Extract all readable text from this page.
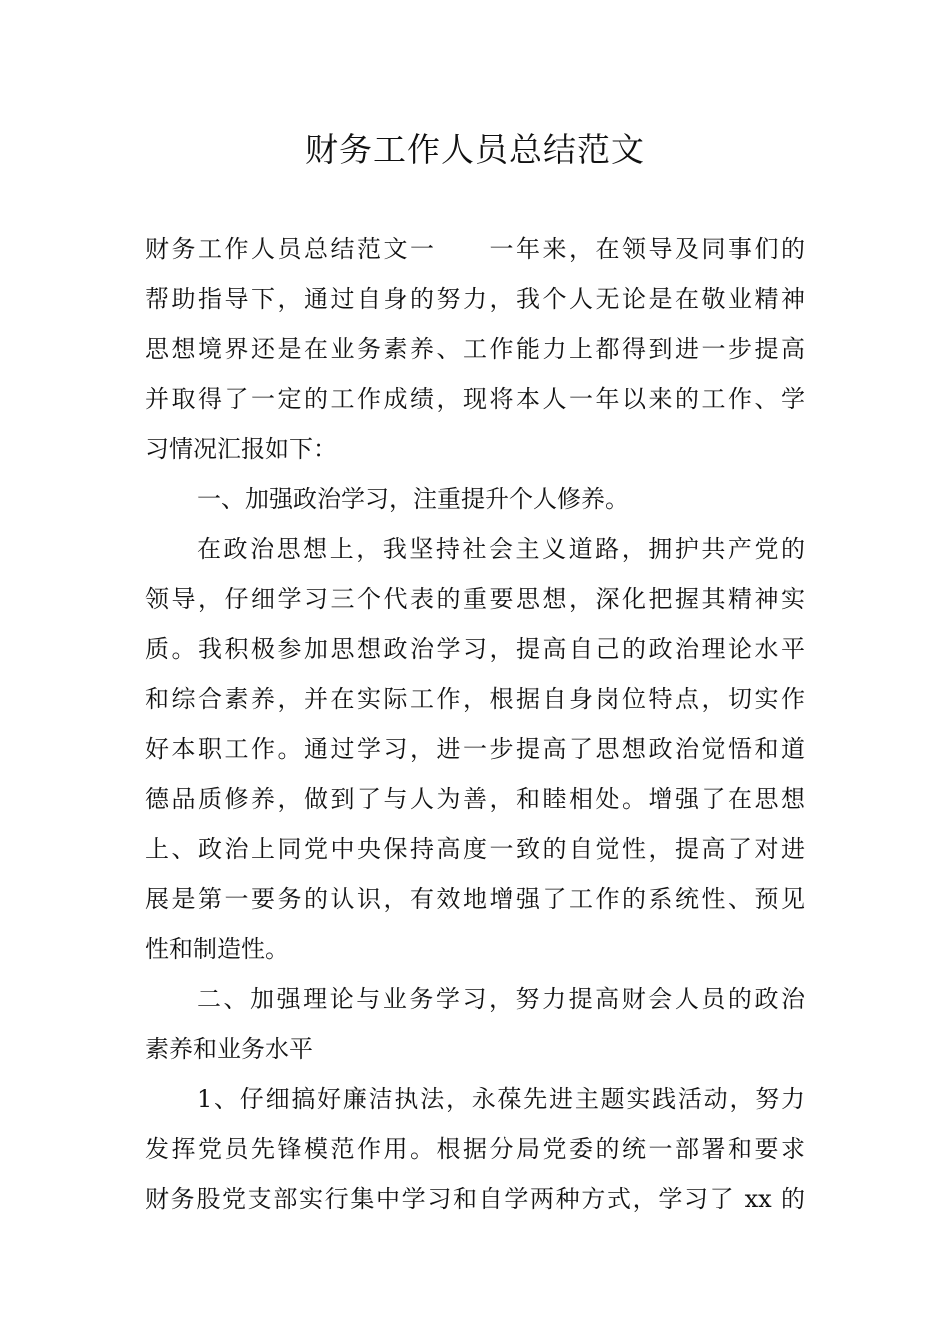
财务工作人员总结范文
财务工作人员总结范文一　　一年来，在领导及同事们的
帮助指导下，通过自身的努力，我个人无论是在敬业精神
思想境界还是在业务素养、工作能力上都得到进一步提高
并取得了一定的工作成绩，现将本人一年以来的工作、学
习情况汇报如下：
一、加强政治学习，注重提升个人修养。
在政治思想上，我坚持社会主义道路，拥护共产党的
领导，仔细学习三个代表的重要思想，深化把握其精神实
质。我积极参加思想政治学习，提高自己的政治理论水平
和综合素养，并在实际工作，根据自身岗位特点，切实作
好本职工作。通过学习，进一步提高了思想政治觉悟和道
德品质修养，做到了与人为善，和睦相处。增强了在思想
上、政治上同党中央保持高度一致的自觉性，提高了对进
展是第一要务的认识，有效地增强了工作的系统性、预见
性和制造性。
二、加强理论与业务学习，努力提高财会人员的政治
素养和业务水平
1、仔细搞好廉洁执法，永葆先进主题实践活动，努力
发挥党员先锋模范作用。根据分局党委的统一部署和要求
财务股党支部实行集中学习和自学两种方式，学习了 xx 的
